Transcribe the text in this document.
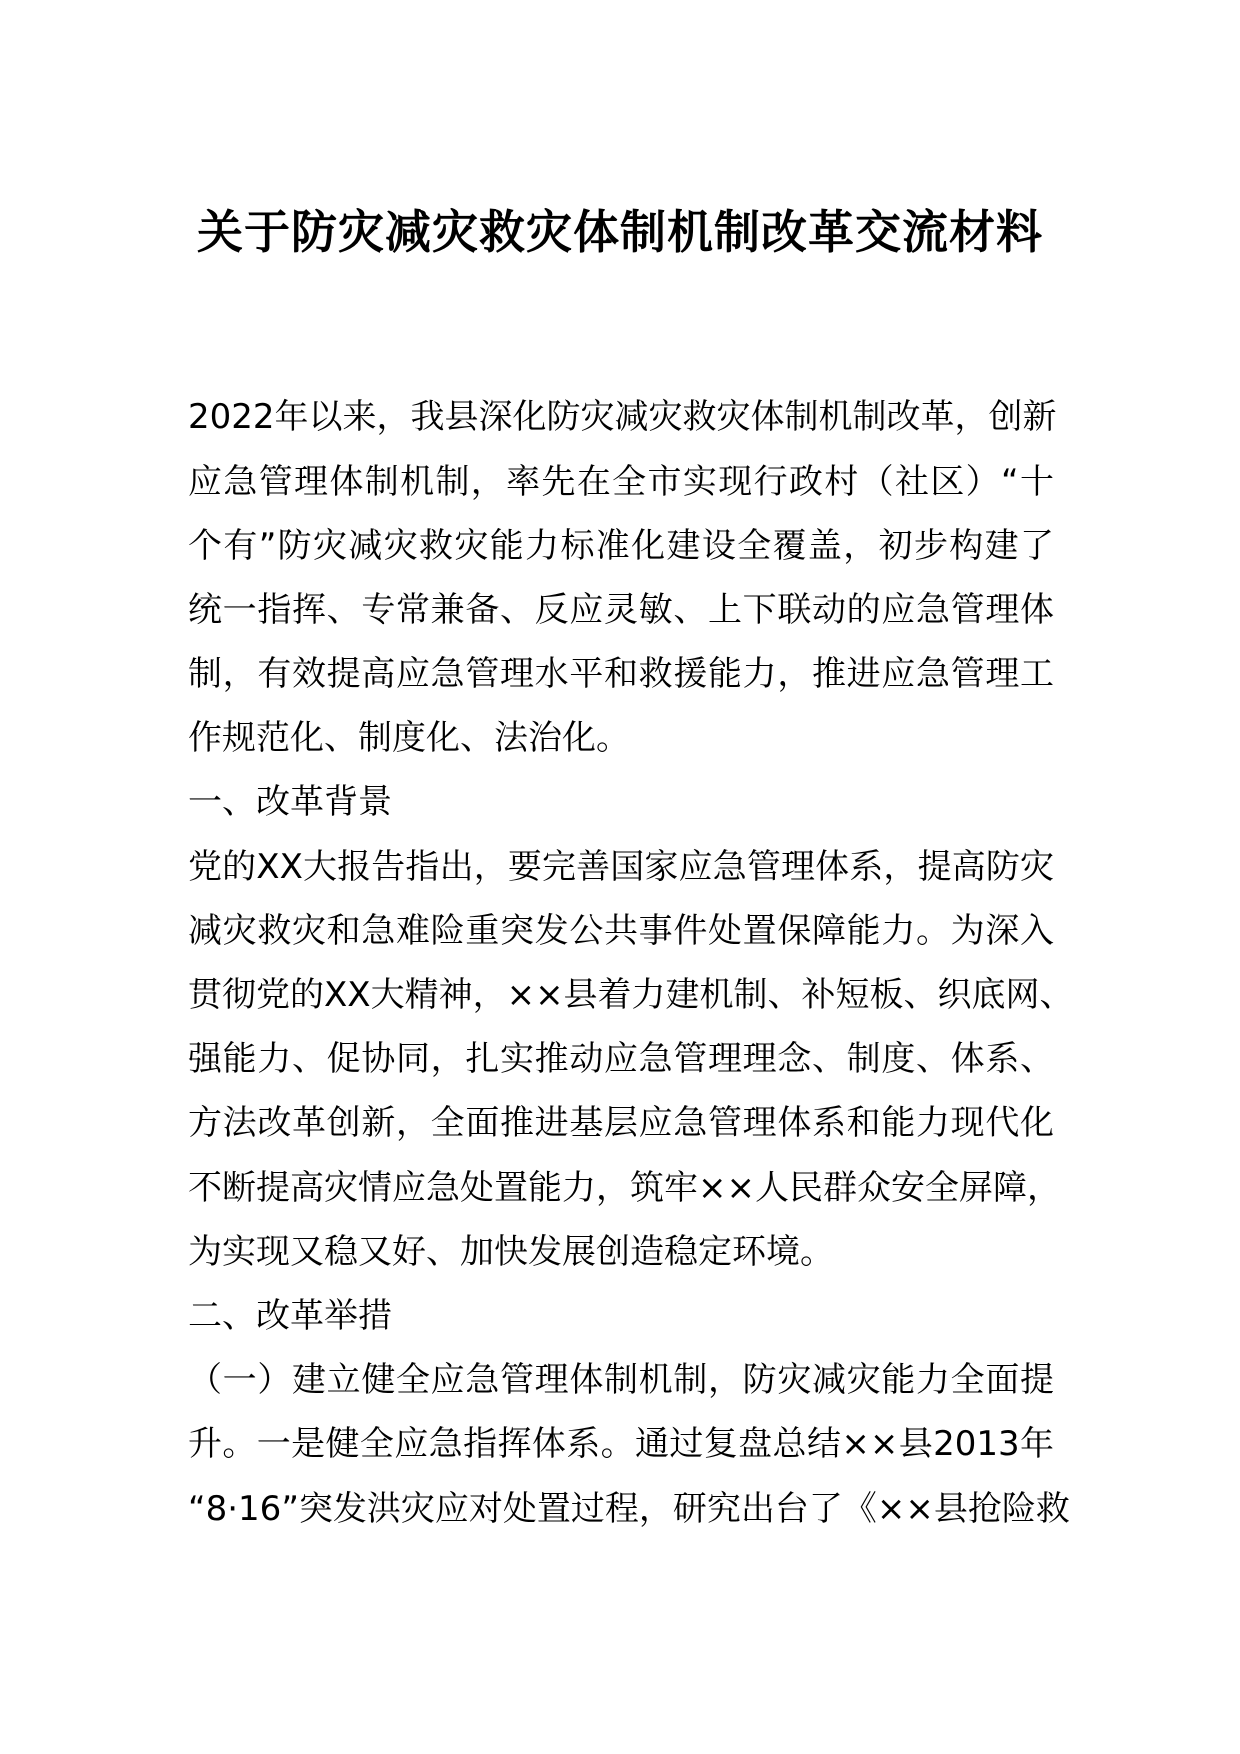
关于防灾减灾救灾体制机制改革交流材料
2022年以来，我县深化防灾减灾救灾体制机制改革，创新
应急管理体制机制，率先在全市实现行政村（社区）“十
个有”防灾减灾救灾能力标准化建设全覆盖，初步构建了
统一指挥、专常兼备、反应灵敏、上下联动的应急管理体
制，有效提高应急管理水平和救援能力，推进应急管理工
作规范化、制度化、法治化。
一、改革背景
党的XX大报告指出，要完善国家应急管理体系，提高防灾
减灾救灾和急难险重突发公共事件处置保障能力。为深入
贯彻党的XX大精神，××县着力建机制、补短板、织底网、
强能力、促协同，扎实推动应急管理理念、制度、体系、
方法改革创新，全面推进基层应急管理体系和能力现代化
不断提高灾情应急处置能力，筑牢××人民群众安全屏障，
为实现又稳又好、加快发展创造稳定环境。
二、改革举措
（一）建立健全应急管理体制机制，防灾减灾能力全面提
升。一是健全应急指挥体系。通过复盘总结××县2013年
“8·16”突发洪灾应对处置过程，研究出台了《××县抢险救
